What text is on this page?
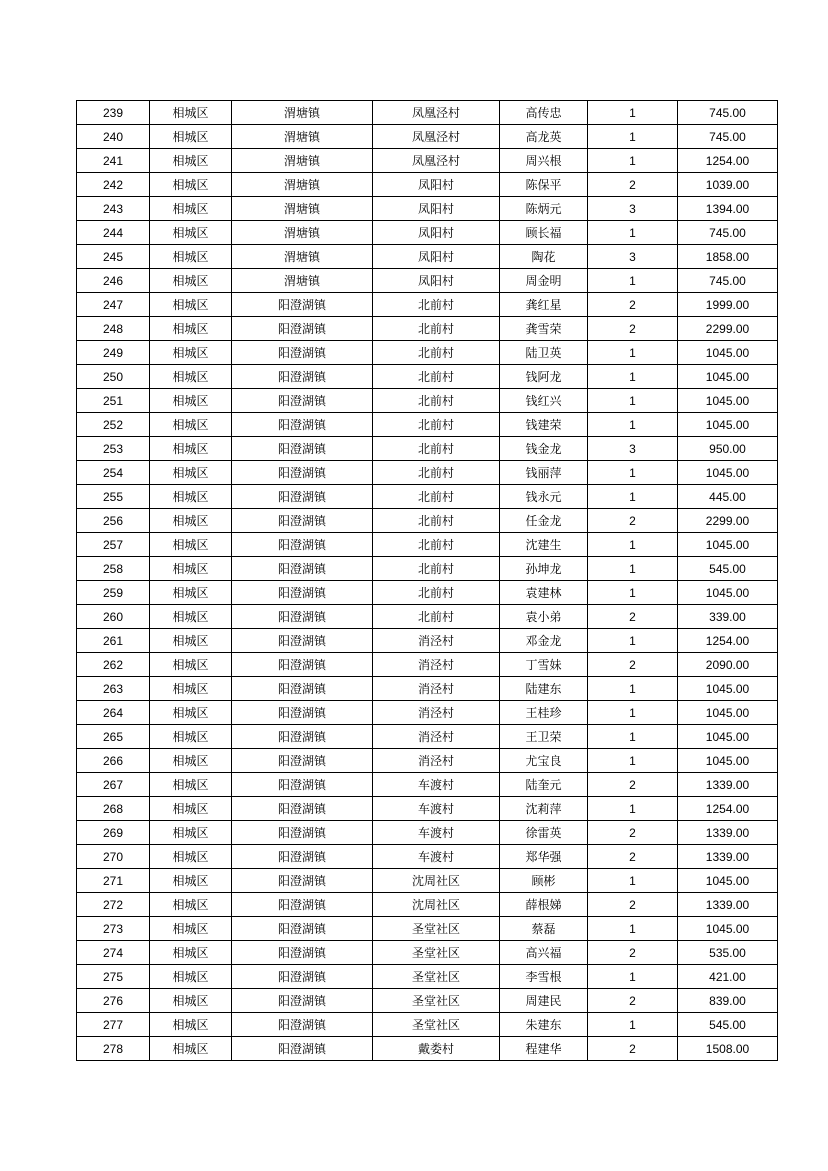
239	相城区	渭塘镇	凤凰泾村	高传忠	1	745.00
240	相城区	渭塘镇	凤凰泾村	高龙英	1	745.00
241	相城区	渭塘镇	凤凰泾村	周兴根	1	1254.00
242	相城区	渭塘镇	凤阳村	陈保平	2	1039.00
243	相城区	渭塘镇	凤阳村	陈炳元	3	1394.00
244	相城区	渭塘镇	凤阳村	顾长福	1	745.00
245	相城区	渭塘镇	凤阳村	陶花	3	1858.00
246	相城区	渭塘镇	凤阳村	周金明	1	745.00
247	相城区	阳澄湖镇	北前村	龚红星	2	1999.00
248	相城区	阳澄湖镇	北前村	龚雪荣	2	2299.00
249	相城区	阳澄湖镇	北前村	陆卫英	1	1045.00
250	相城区	阳澄湖镇	北前村	钱阿龙	1	1045.00
251	相城区	阳澄湖镇	北前村	钱红兴	1	1045.00
252	相城区	阳澄湖镇	北前村	钱建荣	1	1045.00
253	相城区	阳澄湖镇	北前村	钱金龙	3	950.00
254	相城区	阳澄湖镇	北前村	钱丽萍	1	1045.00
255	相城区	阳澄湖镇	北前村	钱永元	1	445.00
256	相城区	阳澄湖镇	北前村	任金龙	2	2299.00
257	相城区	阳澄湖镇	北前村	沈建生	1	1045.00
258	相城区	阳澄湖镇	北前村	孙坤龙	1	545.00
259	相城区	阳澄湖镇	北前村	袁建林	1	1045.00
260	相城区	阳澄湖镇	北前村	袁小弟	2	339.00
261	相城区	阳澄湖镇	消泾村	邓金龙	1	1254.00
262	相城区	阳澄湖镇	消泾村	丁雪妹	2	2090.00
263	相城区	阳澄湖镇	消泾村	陆建东	1	1045.00
264	相城区	阳澄湖镇	消泾村	王桂珍	1	1045.00
265	相城区	阳澄湖镇	消泾村	王卫荣	1	1045.00
266	相城区	阳澄湖镇	消泾村	尤宝良	1	1045.00
267	相城区	阳澄湖镇	车渡村	陆奎元	2	1339.00
268	相城区	阳澄湖镇	车渡村	沈莉萍	1	1254.00
269	相城区	阳澄湖镇	车渡村	徐雷英	2	1339.00
270	相城区	阳澄湖镇	车渡村	郑华强	2	1339.00
271	相城区	阳澄湖镇	沈周社区	顾彬	1	1045.00
272	相城区	阳澄湖镇	沈周社区	薛根娣	2	1339.00
273	相城区	阳澄湖镇	圣堂社区	蔡磊	1	1045.00
274	相城区	阳澄湖镇	圣堂社区	高兴福	2	535.00
275	相城区	阳澄湖镇	圣堂社区	李雪根	1	421.00
276	相城区	阳澄湖镇	圣堂社区	周建民	2	839.00
277	相城区	阳澄湖镇	圣堂社区	朱建东	1	545.00
278	相城区	阳澄湖镇	戴娄村	程建华	2	1508.00
